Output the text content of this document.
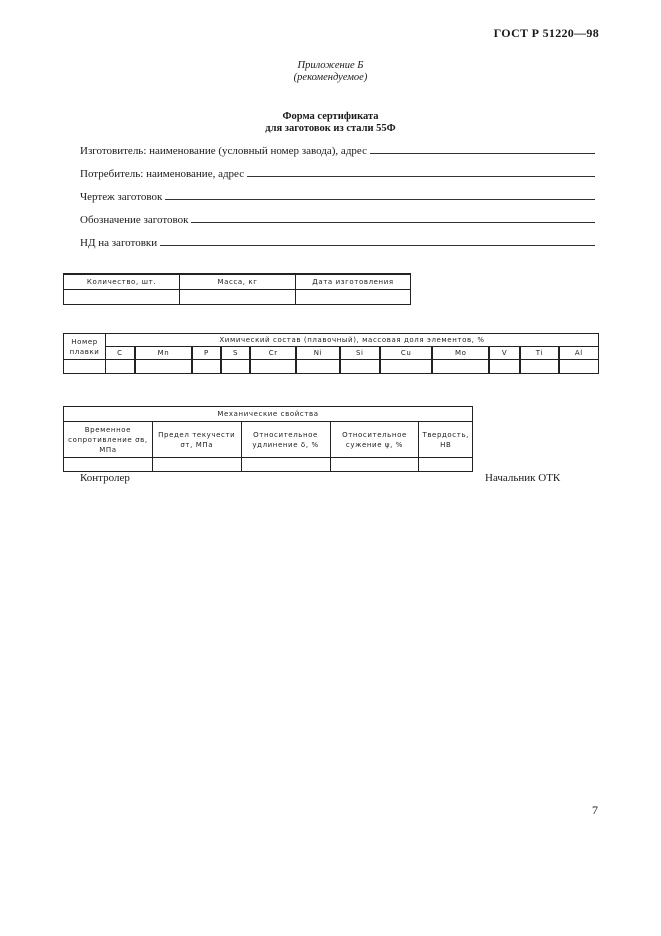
ГОСТ Р 51220—98
Приложение Б
(рекомендуемое)
Форма сертификата
для заготовок из стали 55Ф
Изготовитель: наименование (условный номер завода), адрес
Потребитель: наименование, адрес
Чертеж заготовок
Обозначение заготовок
НД на заготовки
Количество, шт.	Масса, кг	Дата изготовления

Номер плавки	Химический состав (плавочный), массовая доля элементов, %											
	C	Mn	P	S	Cr	Ni	Si	Cu	Mo	V	Ti	Al

Механические свойства				
Временное сопротивление σв, МПа	Предел текучести σт, МПа	Относительное удлинение δ, %	Относительное сужение ψ, %	Твердость, НВ

Контролер	Начальник ОТК
7
